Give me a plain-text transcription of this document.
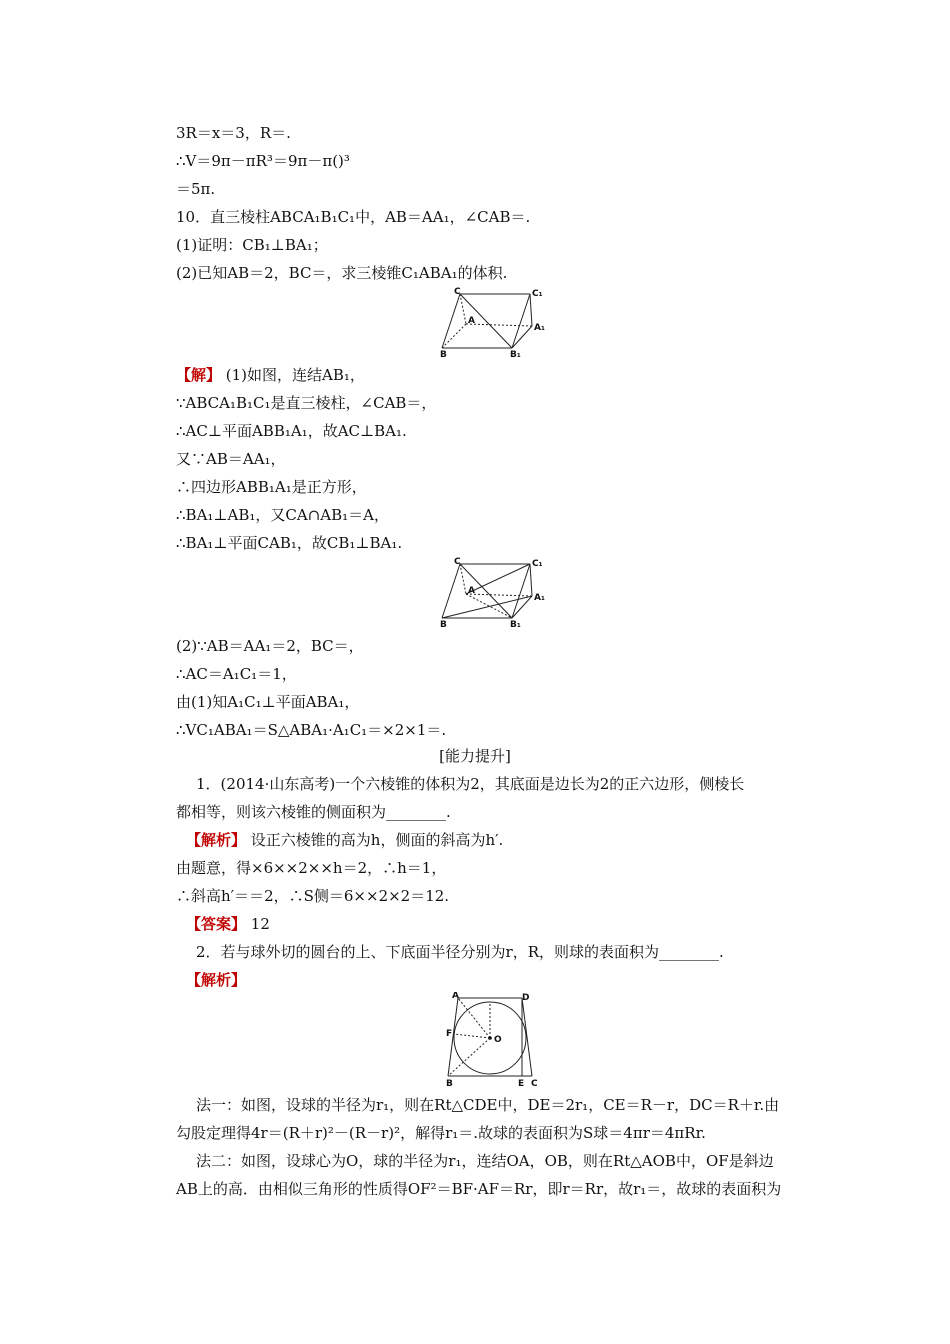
3R＝x＝3，R＝.
∴V＝9π－πR³＝9π－π()³
＝5π.
10．直三棱柱ABCA₁B₁C₁中，AB＝AA₁，∠CAB＝.
(1)证明：CB₁⊥BA₁；
(2)已知AB＝2，BC＝，求三棱锥C₁ABA₁的体积.
C	C₁
A
A₁
B	B₁
【解】 (1)如图，连结AB₁，
∵ABCA₁B₁C₁是直三棱柱，∠CAB＝，
∴AC⊥平面ABB₁A₁，故AC⊥BA₁.
又∵AB＝AA₁，
∴四边形ABB₁A₁是正方形，
∴BA₁⊥AB₁，又CA∩AB₁＝A，
∴BA₁⊥平面CAB₁，故CB₁⊥BA₁.
C	C₁
A
A₁
B	B₁
(2)∵AB＝AA₁＝2，BC＝，
∴AC＝A₁C₁＝1，
由(1)知A₁C₁⊥平面ABA₁，
∴VC₁ABA₁＝S△ABA₁·A₁C₁＝×2×1＝.
[能力提升]
1．(2014·山东高考)一个六棱锥的体积为2，其底面是边长为2的正六边形，侧棱长
都相等，则该六棱锥的侧面积为________.
【解析】 设正六棱锥的高为h，侧面的斜高为h′.
由题意，得×6××2××h＝2，∴h＝1，
∴斜高h′＝＝2，∴S侧＝6××2×2＝12.
【答案】 12
2．若与球外切的圆台的上、下底面半径分别为r，R，则球的表面积为________.
【解析】
A	D
F
O
B	E C
法一：如图，设球的半径为r₁，则在Rt△CDE中，DE＝2r₁，CE＝R－r，DC＝R＋r.由
勾股定理得4r＝(R＋r)²－(R－r)²，解得r₁＝.故球的表面积为S球＝4πr＝4πRr.
法二：如图，设球心为O，球的半径为r₁，连结OA，OB，则在Rt△AOB中，OF是斜边
AB上的高．由相似三角形的性质得OF²＝BF·AF＝Rr，即r＝Rr，故r₁＝，故球的表面积为
